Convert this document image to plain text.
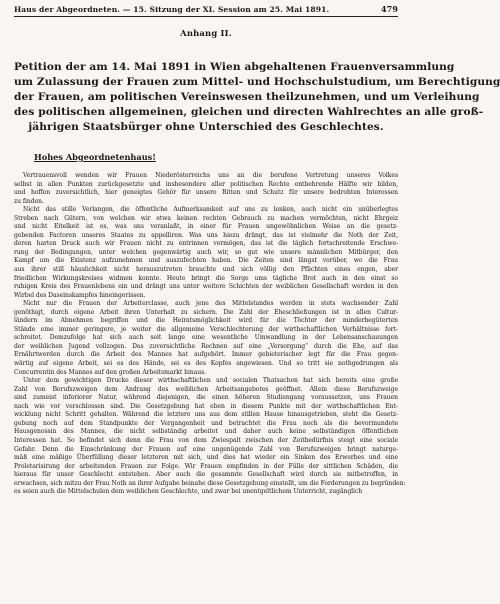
Haus der Abgeordneten. — 15. Sitzung der XI. Session am 25. Mai 1891.	479
Anhang II.
Petition der am 14. Mai 1891 in Wien abgehaltenen Frauenversammlung
um Zulassung der Frauen zum Mittel- und Hochschulstudium, um Berechtigung
der Frauen, am politischen Vereinswesen theilzunehmen, und um Verleihung
des politischen allgemeinen, gleichen und directen Wahlrechtes an alle groß-
jährigen Staatsbürger ohne Unterschied des Geschlechtes.
Hohes Abgeordnetenhaus!
Vertrauensvoll wenden wir Frauen Niederösterreichs uns an die berufene Vertretung unseres Volkes
selbst in allen Punkten zurückgesetzte und insbesondere aller politischen Rechte entbehrende Hälfte wir bilden,
und hoffen zuversichtlich, hier geneigtes Gehör für unsere Bitten und Schutz für unsere bedrohten Interessen
zu finden.
Nicht das stille Verlangen, die öffentliche Aufmerksamkeit auf uns zu lenken, auch nicht ein unüberlegtes
Streben nach Gütern, von welchen wir etwa keinen rechten Gebrauch zu machen vermöchten, nicht Ehrgeiz
und nicht Eitelkeit ist es, was uns veranlaßt, in einer für Frauen ungewöhnlichen Weise an die gesetz-
gebenden Factoren unseres Staates zu appelliren. Was uns hiezu drängt, das ist vielmehr die Noth der Zeit,
deren harten Druck auch wir Frauen nicht zu entrinnen vermögen, das ist die täglich fortschreitende Erschwe-
rung der Bedingungen, unter welchen gegenwärtig auch wir, so gut wie unsere männlichen Mitbürger, den
Kampf um die Existenz aufzunehmen und auszufechten haben. Die Zeiten sind längst vorüber, wo die Frau
aus ihrer still häuslichkeit nicht herauszutreten brauchte und sich völlig den Pflichten eines engen, aber
friedlichen Wirkungskreises widmen konnte. Heute bringt die Sorge ums tägliche Brot auch in den einst so
ruhigen Kreis des Frauenlebens ein und drängt uns unter weitere Schichten der weiblichen Gesellschaft werden in den
Wirbel des Daseinskampfes hineingerissen.
Nicht nur die Frauen der Arbeiterclasse, auch jene des Mittelstandes werden in stets wachsender Zahl
genöthigt, durch eigene Arbeit ihren Unterhalt zu sichern. Die Zahl der Eheschließungen ist in allen Cultur-
ländern im Abnehmen begriffen und die Heiratsmöglichkeit wird für die Töchter der minderbegüterten
Stände eine immer geringere, je weiter die allgemeine Verschlechterung der wirthschaftlichen Verhältnisse fort-
schreitet. Demzufolge hat sich auch seit lange eine wesentliche Umwandlung in der Lebensanschauungen
der weiblichen Jugend vollzogen. Das zuversichtliche Rechnen auf eine „Versorgung“ durch die Ehe, auf das
Ernährtwerden durch die Arbeit des Mannes hat aufgehört. Immer gebieterischer legt für die Frau gegen-
wärtig auf eigene Arbeit, sei es des Hände, sei es des Kopfes angewiesen. Und so tritt sie nothgedrungen als
Concurrentin des Mannes auf den großen Arbeitsmarkt hinaus.
Unter dem gewichtigen Drucke dieser wirthschaftlichen und socialen Thatsachen hat sich bereits eine große
Zahl von Berufszweigen dem Andrang des weiblichen Arbeitsangebotes geöffnet. Allein diese Berufszweige
sind zumeist inferiorer Natur, während diejenigen, die einen höheren Studiengang voraussetzen, uns Frauen
nach wie vor verschlossen sind. Die Gesetzgebung hat eben in diesem Punkte mit der wirthschaftlichen Ent-
wicklung nicht Schritt gehalten. Während die letztere uns aus dem stillen Hause hinausgetrieben, steht die Gesetz-
gebung noch auf dem Standpunkte der Vergangenheit und betrachtet die Frau noch als die bevormundete
Hausgenossin des Mannes, die nicht selbständig arbeitet und daher auch keine selbständigen öffentlichen
Interessen hat. So befindet sich denn die Frau von dem Zwiespalt zwischen der Zeitbedürfnis steigt eine sociale
Gefahr. Denn die Einschränkung der Frauen auf eine ungenügende Zahl von Berufszweigen bringt naturge-
mäß eine mäßige Überfüllung dieser letzteren mit sich, und dies hat wieder ein Sinken des Erwerbes und eine
Proletarisirung der arbeitenden Frauen zur Folge. Wir Frauen empfinden in der Fülle der sittlichen Schäden, die
hieraus für unser Geschlecht entstehen. Aber auch die gesammte Gesellschaft wird durch sie mitbetroffen, in
erwachsen, sich mitzu der Frau Noth an ihrer Aufgabe beinahe diese Gesetzgebung einstellt, um die Forderungen zu begründen:
es seien auch die Mittelschulen dem weiblichen Geschlechte, und zwar bei unentgeltlichem Unterricht, zugänglich
